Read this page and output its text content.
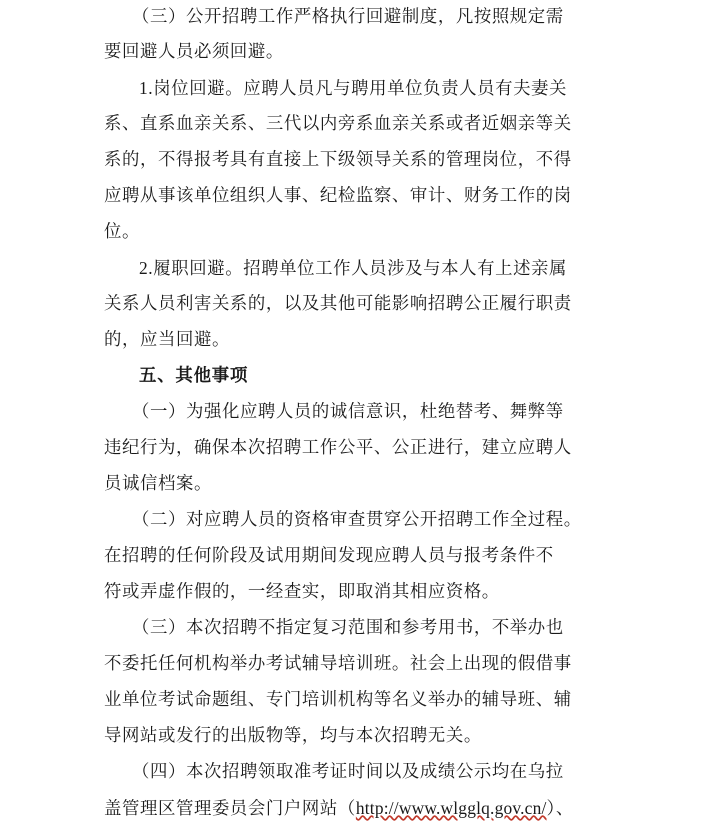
（三）公开招聘工作严格执行回避制度，凡按照规定需
要回避人员必须回避。
1.岗位回避。应聘人员凡与聘用单位负责人员有夫妻关
系、直系血亲关系、三代以内旁系血亲关系或者近姻亲等关
系的，不得报考具有直接上下级领导关系的管理岗位，不得
应聘从事该单位组织人事、纪检监察、审计、财务工作的岗
位。
2.履职回避。招聘单位工作人员涉及与本人有上述亲属
关系人员利害关系的，以及其他可能影响招聘公正履行职责
的，应当回避。
五、其他事项
（一）为强化应聘人员的诚信意识，杜绝替考、舞弊等
违纪行为，确保本次招聘工作公平、公正进行，建立应聘人
员诚信档案。
（二）对应聘人员的资格审查贯穿公开招聘工作全过程。
在招聘的任何阶段及试用期间发现应聘人员与报考条件不
符或弄虚作假的，一经查实，即取消其相应资格。
（三）本次招聘不指定复习范围和参考用书，不举办也
不委托任何机构举办考试辅导培训班。社会上出现的假借事
业单位考试命题组、专门培训机构等名义举办的辅导班、辅
导网站或发行的出版物等，均与本次招聘无关。
（四）本次招聘领取准考证时间以及成绩公示均在乌拉
盖管理区管理委员会门户网站（http://www.wlgglq.gov.cn/）、
